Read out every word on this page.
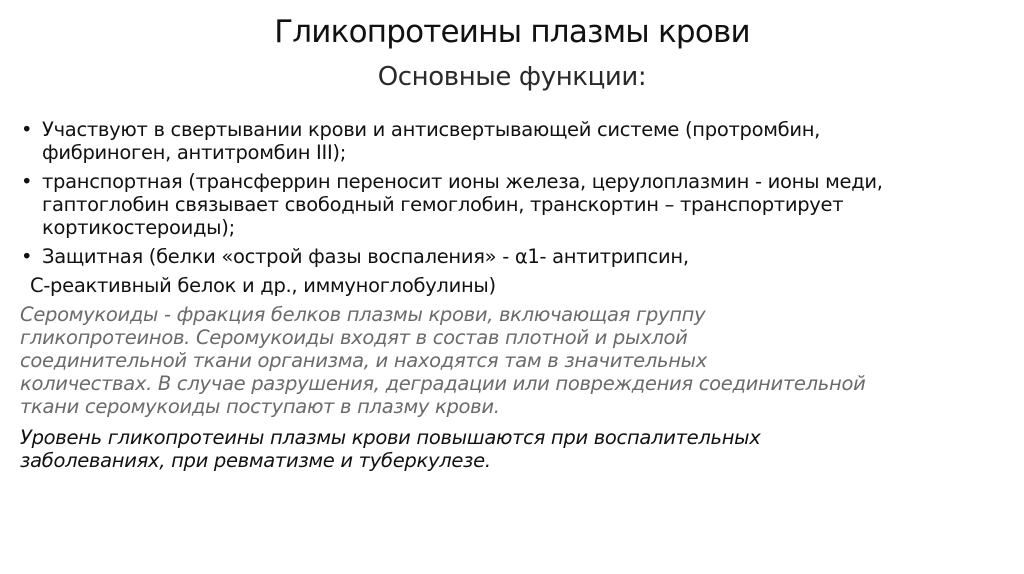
Гликопротеины плазмы крови
Основные функции:
• Участвуют в свертывании крови и антисвертывающей системе (протромбин,
фибриноген, антитромбин III);
• транспортная (трансферрин переносит ионы железа, церулоплазмин - ионы меди,
гаптоглобин связывает свободный гемоглобин, транскортин – транспортирует
кортикостероиды);
• Защитная (белки «острой фазы воспаления» - α1- антитрипсин,
С-реактивный белок и др., иммуноглобулины)
Серомукоиды - фракция белков плазмы крови, включающая группу
гликопротеинов. Серомукоиды входят в состав плотной и рыхлой
соединительной ткани организма, и находятся там в значительных
количествах. В случае разрушения, деградации или повреждения соединительной
ткани серомукоиды поступают в плазму крови.
Уровень гликопротеины плазмы крови повышаются при воспалительных
заболеваниях, при ревматизме и туберкулезе.
